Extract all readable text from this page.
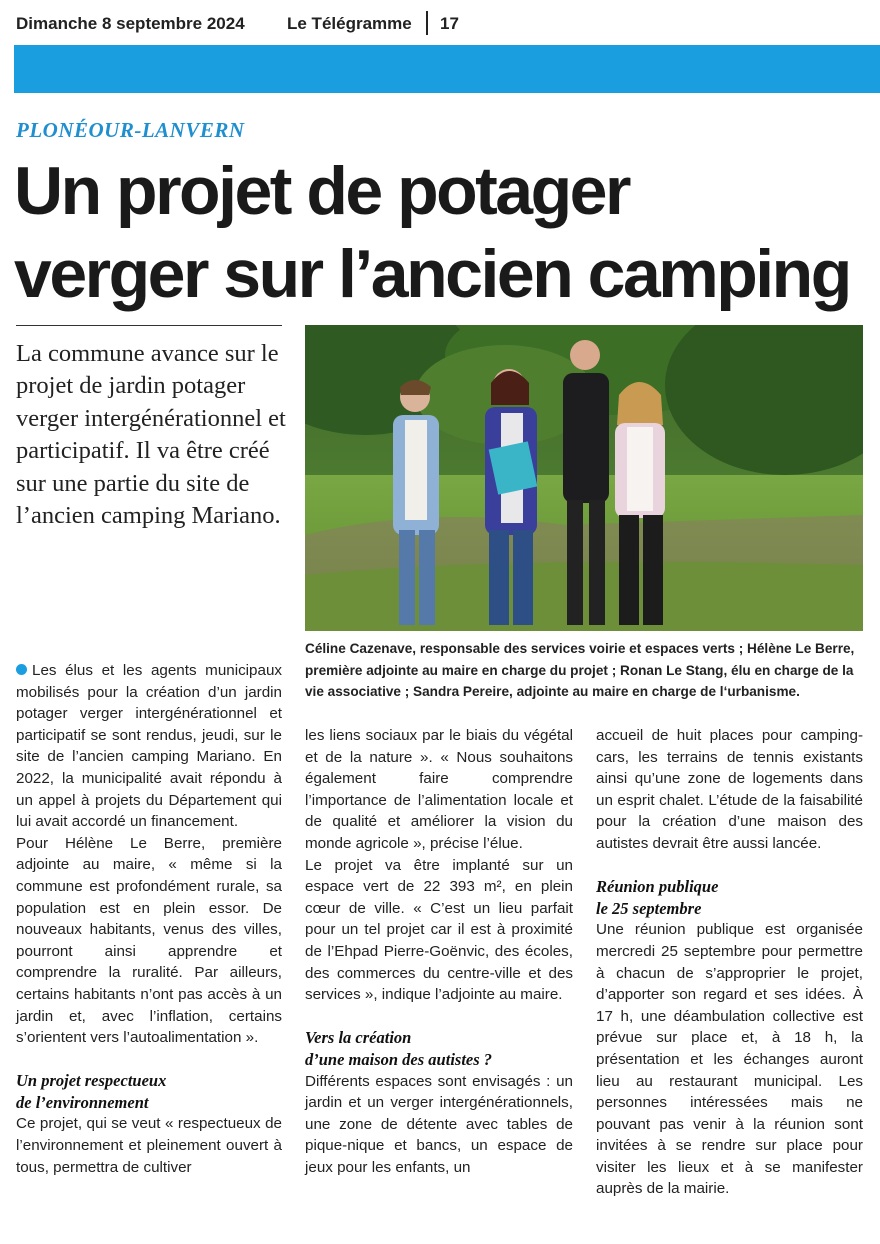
Dimanche 8 septembre 2024 Le Télégramme 17
PLONÉOUR-LANVERN
Un projet de potager
verger sur l’ancien camping

La commune avance sur le projet de jardin potager verger intergénérationnel et participatif. Il va être créé sur une partie du site de l’ancien camping Mariano.

Céline Cazenave, responsable des services voirie et espaces verts ; Hélène Le Berre, première adjointe au maire en charge du projet ; Ronan Le Stang, élu en charge de la vie associative ; Sandra Pereire, adjointe au maire en charge de l‘urbanisme.

Les élus et les agents municipaux mobilisés pour la création d’un jardin potager verger intergénérationnel et participatif se sont rendus, jeudi, sur le site de l’ancien camping Mariano. En 2022, la municipalité avait répondu à un appel à projets du Département qui lui avait accordé un financement.

Pour Hélène Le Berre, première adjointe au maire, « même si la commune est profondément rurale, sa population est en plein essor. De nouveaux habitants, venus des villes, pourront ainsi apprendre et comprendre la ruralité. Par ailleurs, certains habitants n’ont pas accès à un jardin et, avec l’inflation, certains s’orientent vers l’autoalimentation ».

Un projet respectueux
de l’environnement

Ce projet, qui se veut « respectueux de l’environnement et pleinement ouvert à tous, permettra de cultiver

les liens sociaux par le biais du végétal et de la nature ». « Nous souhaitons également faire comprendre l’importance de l’alimentation locale et de qualité et améliorer la vision du monde agricole », précise l’élue.

Le projet va être implanté sur un espace vert de 22 393 m², en plein cœur de ville. « C’est un lieu parfait pour un tel projet car il est à proximité de l’Ehpad Pierre-Goënvic, des écoles, des commerces du centre-ville et des services », indique l’adjointe au maire.

Vers la création
d’une maison des autistes ?

Différents espaces sont envisagés : un jardin et un verger intergénérationnels, une zone de détente avec tables de pique-nique et bancs, un espace de jeux pour les enfants, un

accueil de huit places pour camping-cars, les terrains de tennis existants ainsi qu’une zone de logements dans un esprit chalet. L’étude de la faisabilité pour la création d’une maison des autistes devrait être aussi lancée.

Réunion publique
le 25 septembre

Une réunion publique est organisée mercredi 25 septembre pour permettre à chacun de s’approprier le projet, d’apporter son regard et ses idées. À 17 h, une déambulation collective est prévue sur place et, à 18 h, la présentation et les échanges auront lieu au restaurant municipal. Les personnes intéressées mais ne pouvant pas venir à la réunion sont invitées à se rendre sur place pour visiter les lieux et à se manifester auprès de la mairie.
